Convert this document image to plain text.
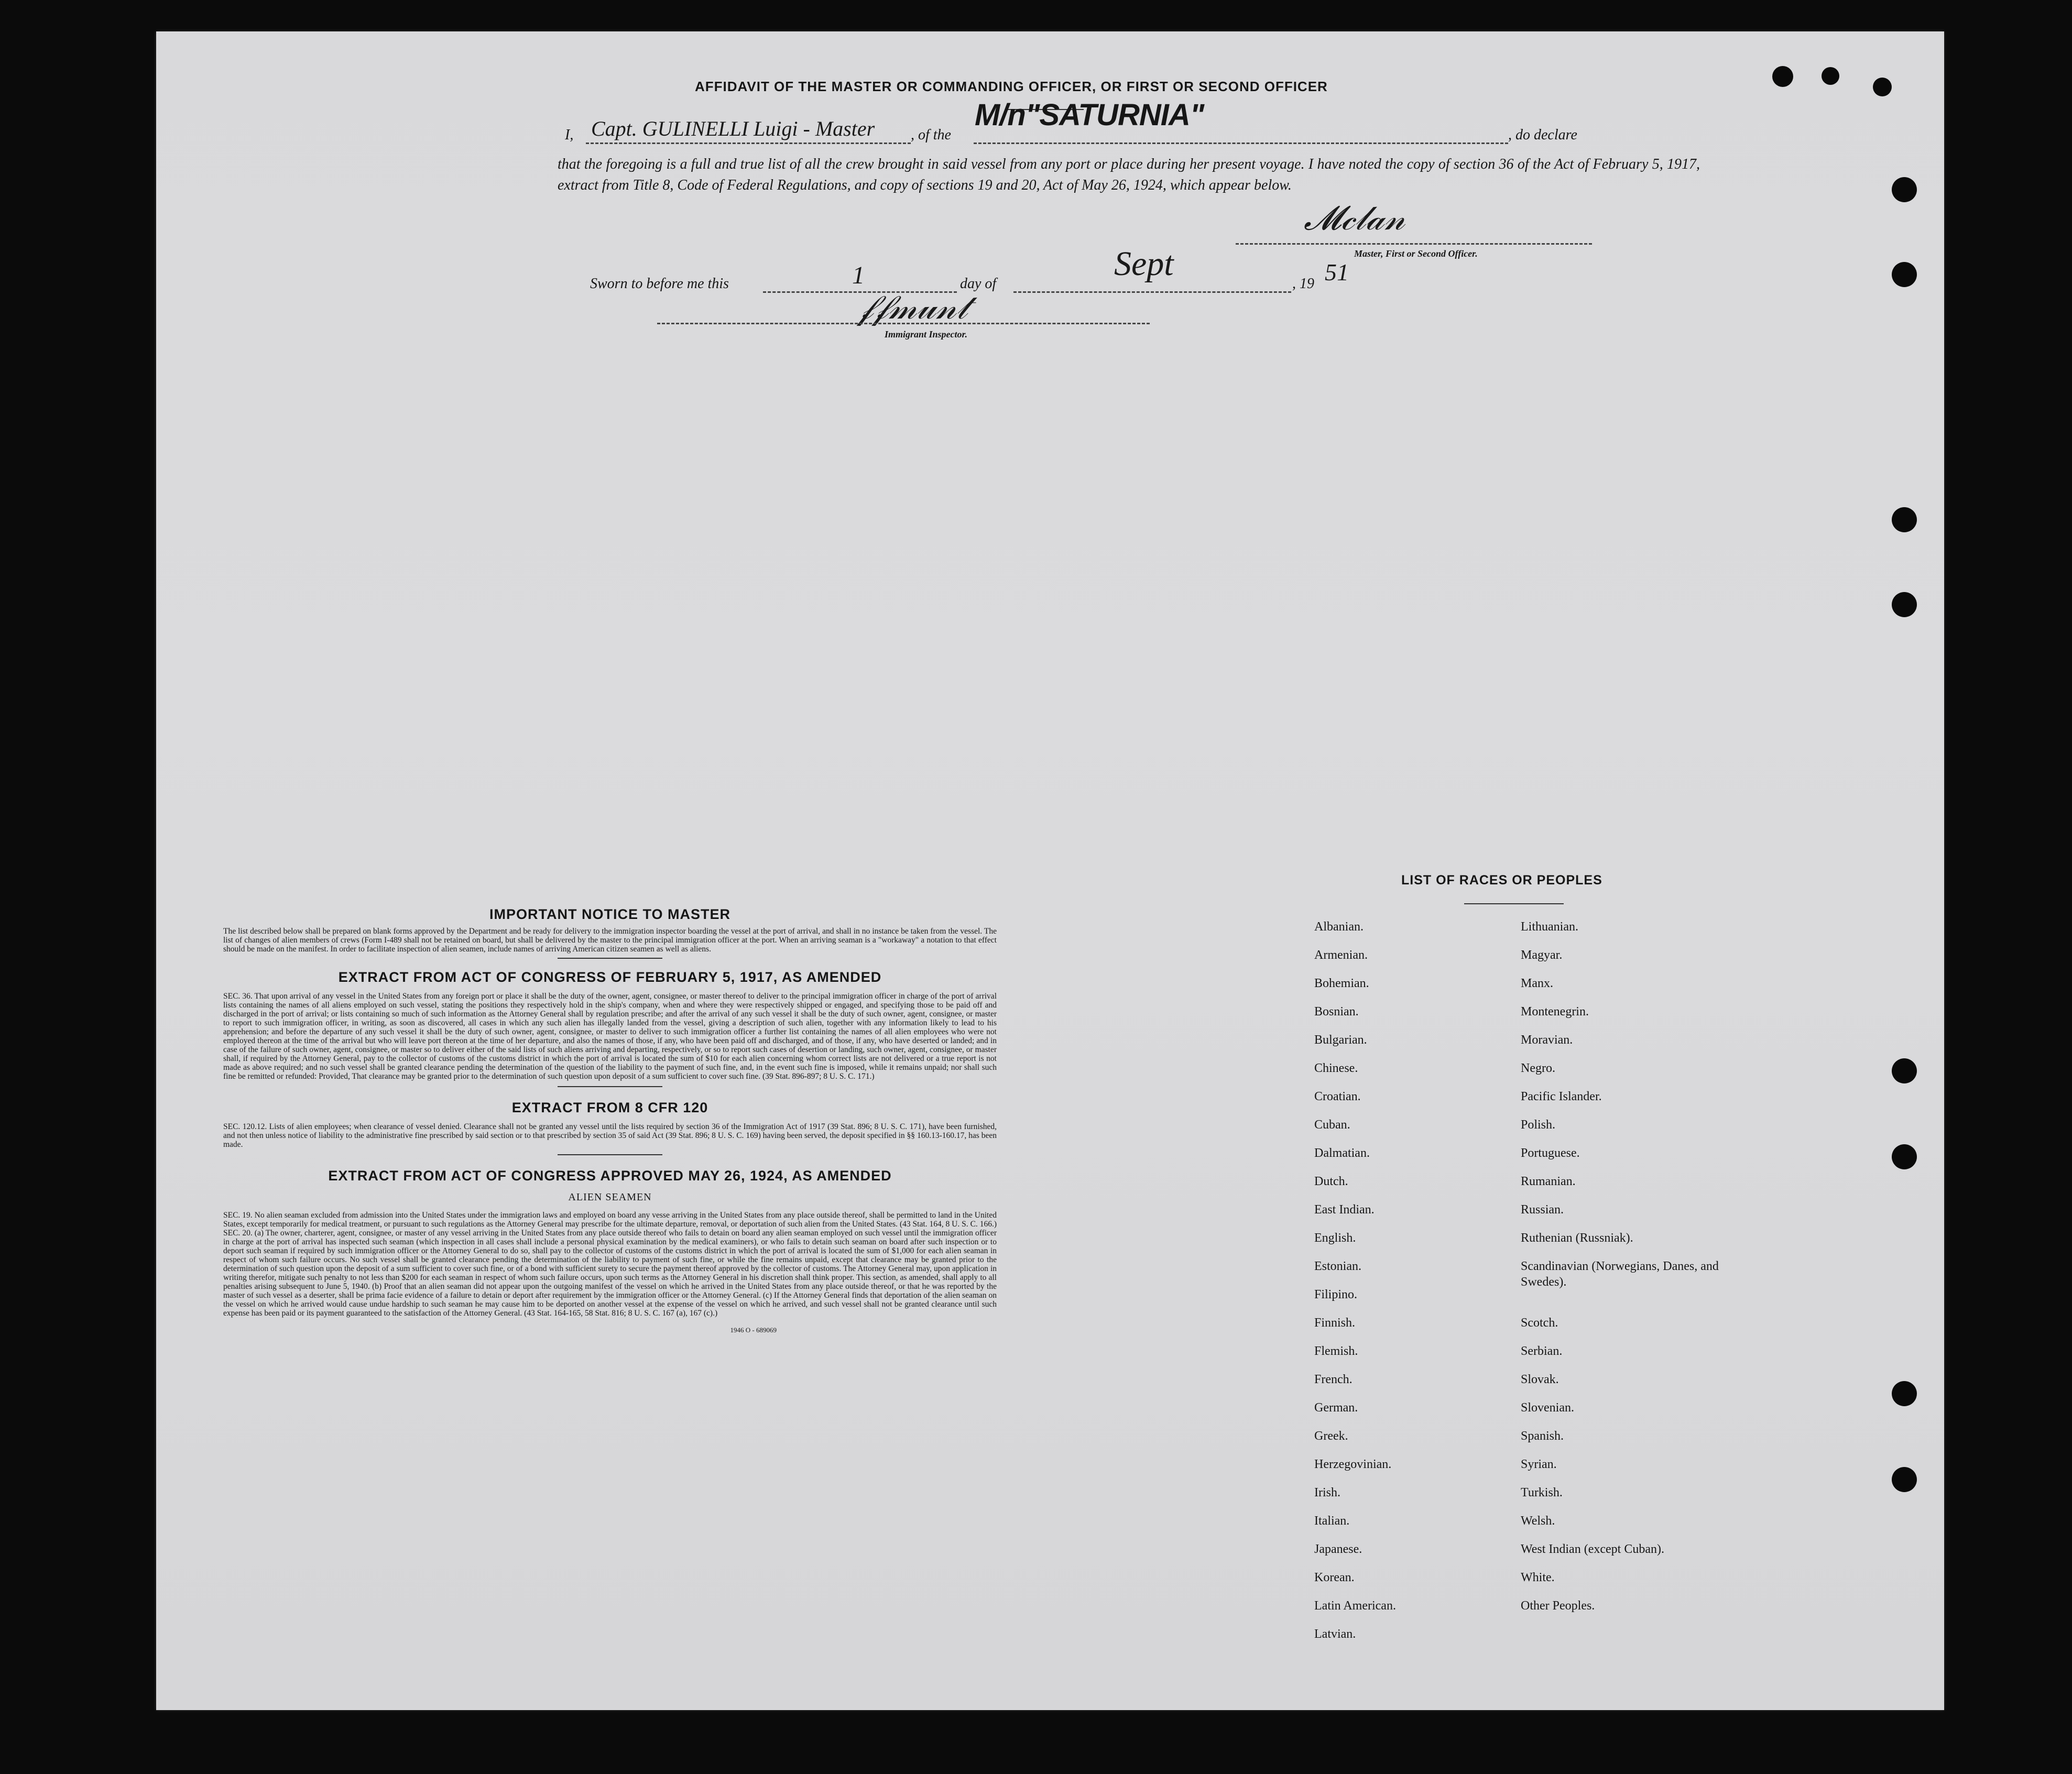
AFFIDAVIT OF THE MASTER OR COMMANDING OFFICER, OR FIRST OR SECOND OFFICER
I, Capt. GULINELLI Luigi - Master , of the
M/n"SATURNIA"
, do declare
that the foregoing is a full and true list of all the crew brought in said vessel from any port or place during her present voyage. I have noted the copy of section 36 of the Act of February 5, 1917, extract from Title 8, Code of Federal Regulations, and copy of sections 19 and 20, Act of May 26, 1924, which appear below.
𝓜𝒸𝓁𝒶𝓃
Master, First or Second Officer.
Sworn to before me this	1	day of
Sept
, 19 51
𝒻𝒻𝓂𝓊𝓃𝓉
Immigrant Inspector.
IMPORTANT NOTICE TO MASTER
The list described below shall be prepared on blank forms approved by the Department and be ready for delivery to the immigration inspector boarding the vessel at the port of arrival, and shall in no instance be taken from the vessel. The list of changes of alien members of crews (Form I-489 shall not be retained on board, but shall be delivered by the master to the principal immigration officer at the port. When an arriving seaman is a "workaway" a notation to that effect should be made on the manifest. In order to facilitate inspection of alien seamen, include names of arriving American citizen seamen as well as aliens.
EXTRACT FROM ACT OF CONGRESS OF FEBRUARY 5, 1917, AS AMENDED
SEC. 36. That upon arrival of any vessel in the United States from any foreign port or place it shall be the duty of the owner, agent, consignee, or master thereof to deliver to the principal immigration officer in charge of the port of arrival lists containing the names of all aliens employed on such vessel, stating the positions they respectively hold in the ship's company, when and where they were respectively shipped or engaged, and specifying those to be paid off and discharged in the port of arrival; or lists containing so much of such information as the Attorney General shall by regulation prescribe; and after the arrival of any such vessel it shall be the duty of such owner, agent, consignee, or master to report to such immigration officer, in writing, as soon as discovered, all cases in which any such alien has illegally landed from the vessel, giving a description of such alien, together with any information likely to lead to his apprehension; and before the departure of any such vessel it shall be the duty of such owner, agent, consignee, or master to deliver to such immigration officer a further list containing the names of all alien employees who were not employed thereon at the time of the arrival but who will leave port thereon at the time of her departure, and also the names of those, if any, who have been paid off and discharged, and of those, if any, who have deserted or landed; and in case of the failure of such owner, agent, consignee, or master so to deliver either of the said lists of such aliens arriving and departing, respectively, or so to report such cases of desertion or landing, such owner, agent, consignee, or master shall, if required by the Attorney General, pay to the collector of customs of the customs district in which the port of arrival is located the sum of $10 for each alien concerning whom correct lists are not delivered or a true report is not made as above required; and no such vessel shall be granted clearance pending the determination of the question of the liability to the payment of such fine, and, in the event such fine is imposed, while it remains unpaid; nor shall such fine be remitted or refunded: Provided, That clearance may be granted prior to the determination of such question upon deposit of a sum sufficient to cover such fine. (39 Stat. 896-897; 8 U. S. C. 171.)
EXTRACT FROM 8 CFR 120
SEC. 120.12. Lists of alien employees; when clearance of vessel denied. Clearance shall not be granted any vessel until the lists required by section 36 of the Immigration Act of 1917 (39 Stat. 896; 8 U. S. C. 171), have been furnished, and not then unless notice of liability to the administrative fine prescribed by said section or to that prescribed by section 35 of said Act (39 Stat. 896; 8 U. S. C. 169) having been served, the deposit specified in §§ 160.13-160.17, has been made.
EXTRACT FROM ACT OF CONGRESS APPROVED MAY 26, 1924, AS AMENDED
ALIEN SEAMEN
SEC. 19. No alien seaman excluded from admission into the United States under the immigration laws and employed on board any vesse arriving in the United States from any place outside thereof, shall be permitted to land in the United States, except temporarily for medical treatment, or pursuant to such regulations as the Attorney General may prescribe for the ultimate departure, removal, or deportation of such alien from the United States. (43 Stat. 164, 8 U. S. C. 166.) SEC. 20. (a) The owner, charterer, agent, consignee, or master of any vessel arriving in the United States from any place outside thereof who fails to detain on board any alien seaman employed on such vessel until the immigration officer in charge at the port of arrival has inspected such seaman (which inspection in all cases shall include a personal physical examination by the medical examiners), or who fails to detain such seaman on board after such inspection or to deport such seaman if required by such immigration officer or the Attorney General to do so, shall pay to the collector of customs of the customs district in which the port of arrival is located the sum of $1,000 for each alien seaman in respect of whom such failure occurs. No such vessel shall be granted clearance pending the determination of the liability to payment of such fine, or while the fine remains unpaid, except that clearance may be granted prior to the determination of such question upon the deposit of a sum sufficient to cover such fine, or of a bond with sufficient surety to secure the payment thereof approved by the collector of customs. The Attorney General may, upon application in writing therefor, mitigate such penalty to not less than $200 for each seaman in respect of whom such failure occurs, upon such terms as the Attorney General in his discretion shall think proper. This section, as amended, shall apply to all penalties arising subsequent to June 5, 1940. (b) Proof that an alien seaman did not appear upon the outgoing manifest of the vessel on which he arrived in the United States from any place outside thereof, or that he was reported by the master of such vessel as a deserter, shall be prima facie evidence of a failure to detain or deport after requirement by the immigration officer or the Attorney General. (c) If the Attorney General finds that deportation of the alien seaman on the vessel on which he arrived would cause undue hardship to such seaman he may cause him to be deported on another vessel at the expense of the vessel on which he arrived, and such vessel shall not be granted clearance until such expense has been paid or its payment guaranteed to the satisfaction of the Attorney General. (43 Stat. 164-165, 58 Stat. 816; 8 U. S. C. 167 (a), 167 (c).)
1946 O - 689069
LIST OF RACES OR PEOPLES
Albanian.
Armenian.
Bohemian.
Bosnian.
Bulgarian.
Chinese.
Croatian.
Cuban.
Dalmatian.
Dutch.
East Indian.
English.
Estonian.
Filipino.
Finnish.
Flemish.
French.
German.
Greek.
Herzegovinian.
Irish.
Italian.
Japanese.
Korean.
Latin American.
Latvian.
Lithuanian.
Magyar.
Manx.
Montenegrin.
Moravian.
Negro.
Pacific Islander.
Polish.
Portuguese.
Rumanian.
Russian.
Ruthenian (Russniak).
Scandinavian (Norwegians, Danes, and Swedes).
Scotch.
Serbian.
Slovak.
Slovenian.
Spanish.
Syrian.
Turkish.
Welsh.
West Indian (except Cuban).
White.
Other Peoples.
